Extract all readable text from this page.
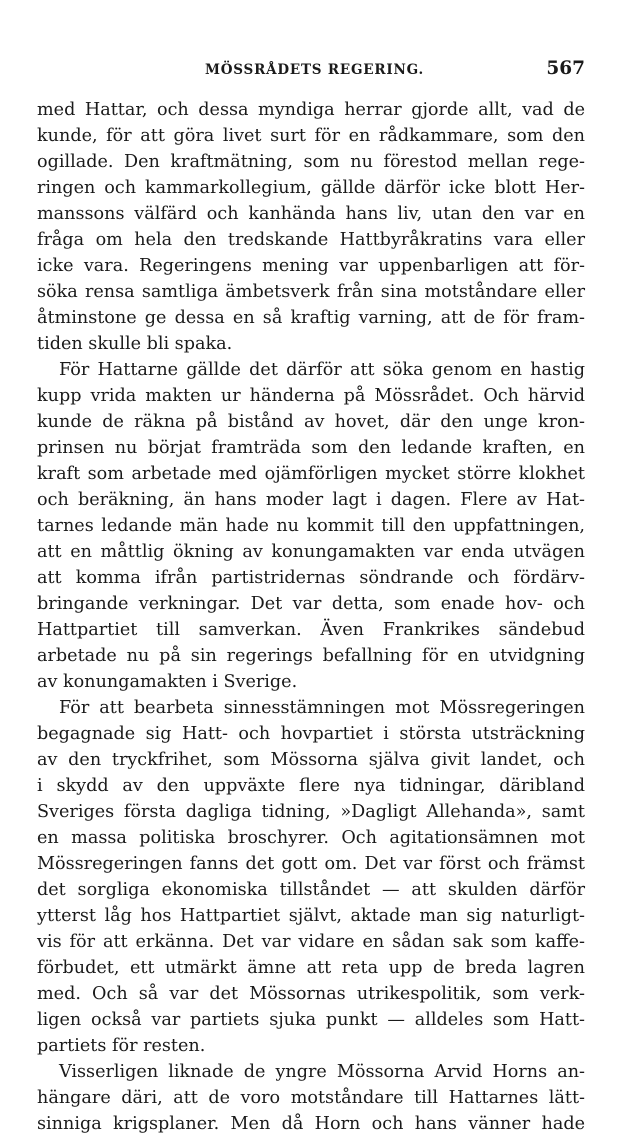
MÖSSRÅDETS REGERING.	567
med Hattar, och dessa myndiga herrar gjorde allt, vad de
kunde, för att göra livet surt för en rådkammare, som den
ogillade. Den kraftmätning, som nu förestod mellan rege-
ringen och kammarkollegium, gällde därför icke blott Her-
manssons välfärd och kanhända hans liv, utan den var en
fråga om hela den tredskande Hattbyråkratins vara eller
icke vara. Regeringens mening var uppenbarligen att för-
söka rensa samtliga ämbetsverk från sina motståndare eller
åtminstone ge dessa en så kraftig varning, att de för fram-
tiden skulle bli spaka.
För Hattarne gällde det därför att söka genom en hastig
kupp vrida makten ur händerna på Mössrådet. Och härvid
kunde de räkna på bistånd av hovet, där den unge kron-
prinsen nu börjat framträda som den ledande kraften, en
kraft som arbetade med ojämförligen mycket större klokhet
och beräkning, än hans moder lagt i dagen. Flere av Hat-
tarnes ledande män hade nu kommit till den uppfattningen,
att en måttlig ökning av konungamakten var enda utvägen
att komma ifrån partistridernas söndrande och fördärv-
bringande verkningar. Det var detta, som enade hov- och
Hattpartiet till samverkan. Även Frankrikes sändebud
arbetade nu på sin regerings befallning för en utvidgning
av konungamakten i Sverige.
För att bearbeta sinnesstämningen mot Mössregeringen
begagnade sig Hatt- och hovpartiet i största utsträckning
av den tryckfrihet, som Mössorna själva givit landet, och
i skydd av den uppväxte flere nya tidningar, däribland
Sveriges första dagliga tidning, »Dagligt Allehanda», samt
en massa politiska broschyrer. Och agitationsämnen mot
Mössregeringen fanns det gott om. Det var först och främst
det sorgliga ekonomiska tillståndet — att skulden därför
ytterst låg hos Hattpartiet självt, aktade man sig naturligt-
vis för att erkänna. Det var vidare en sådan sak som kaffe-
förbudet, ett utmärkt ämne att reta upp de breda lagren
med. Och så var det Mössornas utrikespolitik, som verk-
ligen också var partiets sjuka punkt — alldeles som Hatt-
partiets för resten.
Visserligen liknade de yngre Mössorna Arvid Horns an-
hängare däri, att de voro motståndare till Hattarnes lätt-
sinniga krigsplaner. Men då Horn och hans vänner hade
